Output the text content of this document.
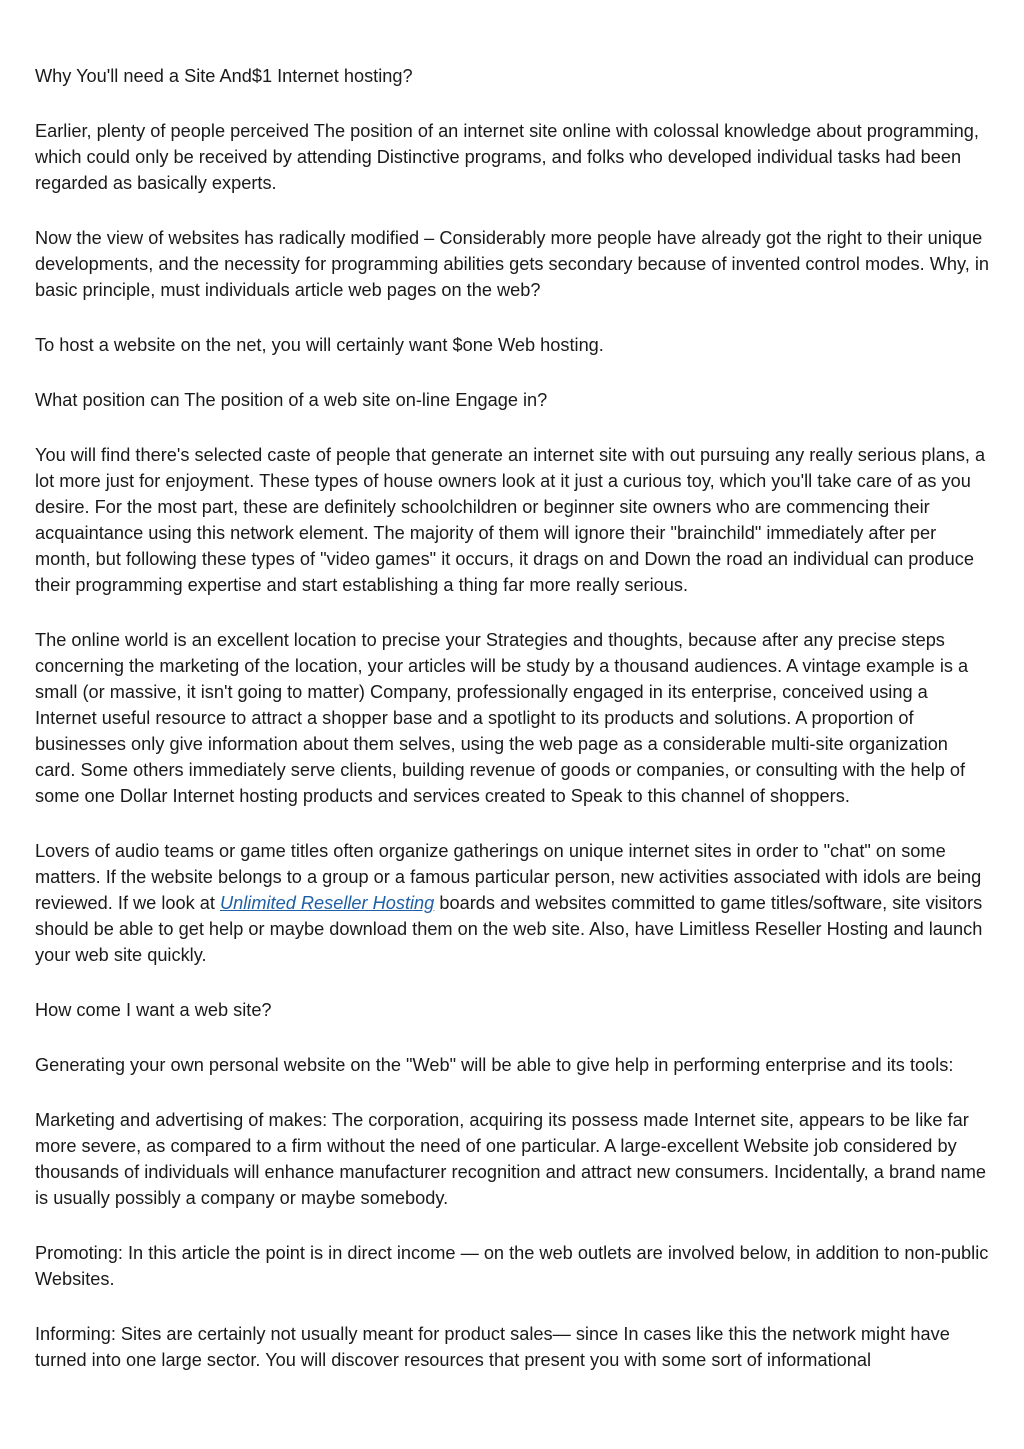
Why You'll need a Site And$1 Internet hosting?

Earlier, plenty of people perceived The position of an internet site online with colossal knowledge about programming, which could only be received by attending Distinctive programs, and folks who developed individual tasks had been regarded as basically experts.

Now the view of websites has radically modified – Considerably more people have already got the right to their unique developments, and the necessity for programming abilities gets secondary because of invented control modes. Why, in basic principle, must individuals article web pages on the web?

To host a website on the net, you will certainly want $one Web hosting.

What position can The position of a web site on-line Engage in?

You will find there's selected caste of people that generate an internet site with out pursuing any really serious plans, a lot more just for enjoyment. These types of house owners look at it just a curious toy, which you'll take care of as you desire. For the most part, these are definitely schoolchildren or beginner site owners who are commencing their acquaintance using this network element. The majority of them will ignore their "brainchild" immediately after per month, but following these types of "video games" it occurs, it drags on and Down the road an individual can produce their programming expertise and start establishing a thing far more really serious.

The online world is an excellent location to precise your Strategies and thoughts, because after any precise steps concerning the marketing of the location, your articles will be study by a thousand audiences. A vintage example is a small (or massive, it isn't going to matter) Company, professionally engaged in its enterprise, conceived using a Internet useful resource to attract a shopper base and a spotlight to its products and solutions. A proportion of businesses only give information about them selves, using the web page as a considerable multi-site organization card. Some others immediately serve clients, building revenue of goods or companies, or consulting with the help of some one Dollar Internet hosting products and services created to Speak to this channel of shoppers.

Lovers of audio teams or game titles often organize gatherings on unique internet sites in order to "chat" on some matters. If the website belongs to a group or a famous particular person, new activities associated with idols are being reviewed. If we look at Unlimited Reseller Hosting boards and websites committed to game titles/software, site visitors should be able to get help or maybe download them on the web site. Also, have Limitless Reseller Hosting and launch your web site quickly.

How come I want a web site?

Generating your own personal website on the "Web" will be able to give help in performing enterprise and its tools:

Marketing and advertising of makes: The corporation, acquiring its possess made Internet site, appears to be like far more severe, as compared to a firm without the need of one particular. A large-excellent Website job considered by thousands of individuals will enhance manufacturer recognition and attract new consumers. Incidentally, a brand name is usually possibly a company or maybe somebody.

Promoting: In this article the point is in direct income — on the web outlets are involved below, in addition to non-public Websites.

Informing: Sites are certainly not usually meant for product sales— since In cases like this the network might have turned into one large sector. You will discover resources that present you with some sort of informational
